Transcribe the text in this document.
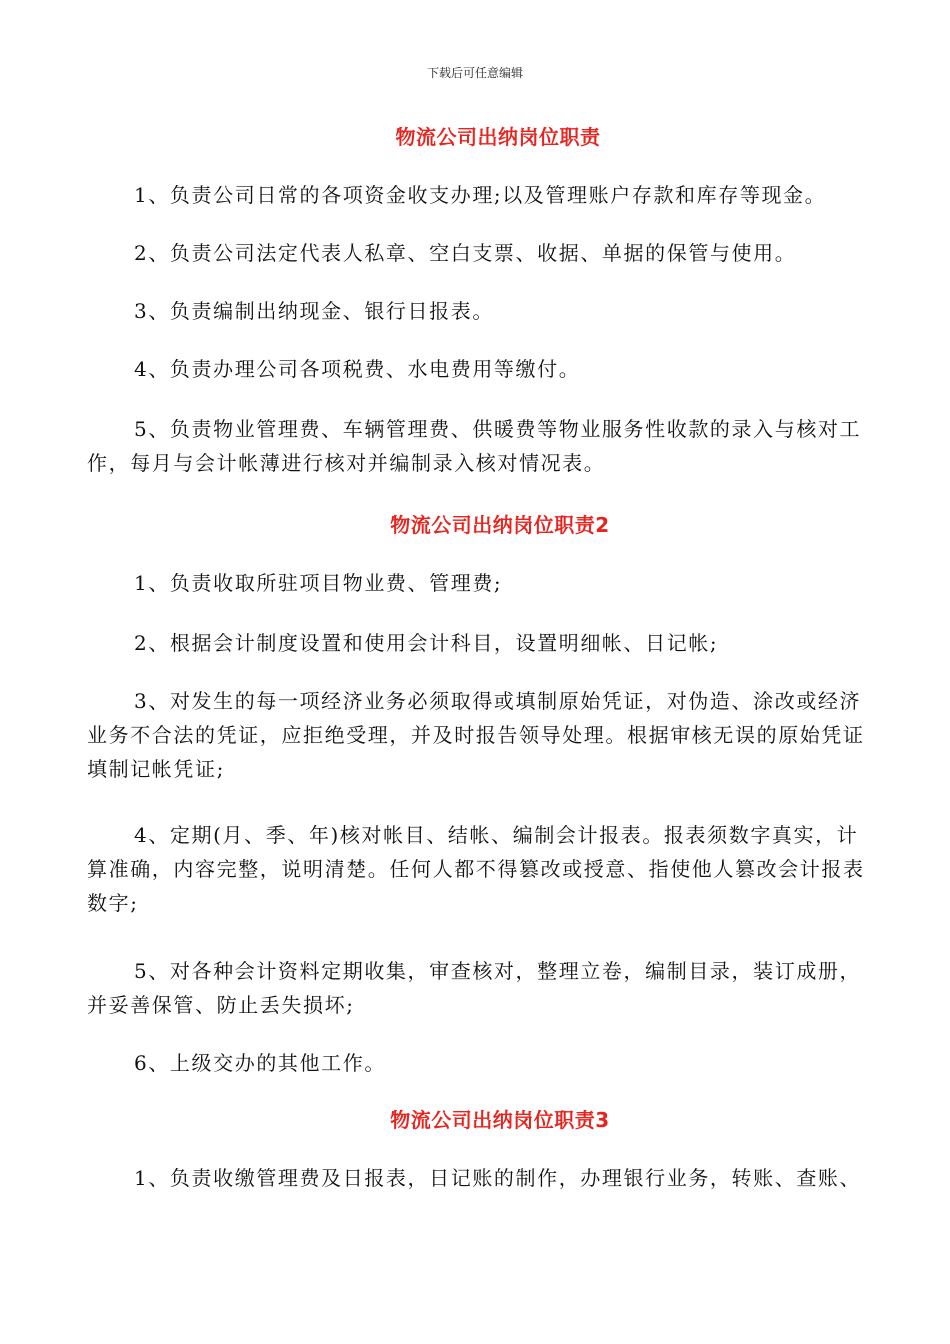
下载后可任意编辑
物流公司出纳岗位职责
1、负责公司日常的各项资金收支办理;以及管理账户存款和库存等现金。
2、负责公司法定代表人私章、空白支票、收据、单据的保管与使用。
3、负责编制出纳现金、银行日报表。
4、负责办理公司各项税费、水电费用等缴付。
5、负责物业管理费、车辆管理费、供暖费等物业服务性收款的录入与核对工作，每月与会计帐薄进行核对并编制录入核对情况表。
物流公司出纳岗位职责2
1、负责收取所驻项目物业费、管理费;
2、根据会计制度设置和使用会计科目，设置明细帐、日记帐;
3、对发生的每一项经济业务必须取得或填制原始凭证，对伪造、涂改或经济业务不合法的凭证，应拒绝受理，并及时报告领导处理。根据审核无误的原始凭证填制记帐凭证;
4、定期(月、季、年)核对帐目、结帐、编制会计报表。报表须数字真实，计算准确，内容完整，说明清楚。任何人都不得篡改或授意、指使他人篡改会计报表数字;
5、对各种会计资料定期收集，审查核对，整理立卷，编制目录，装订成册，并妥善保管、防止丢失损坏;
6、上级交办的其他工作。
物流公司出纳岗位职责3
1、负责收缴管理费及日报表，日记账的制作，办理银行业务，转账、查账、
